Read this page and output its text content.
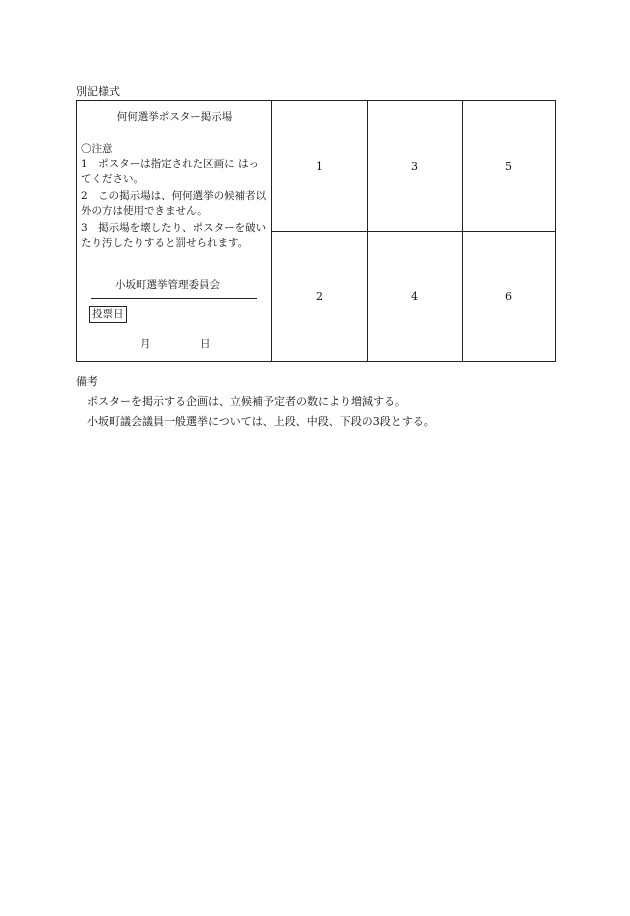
別記様式
何何選挙ポスター掲示場
〇注意
1　ポスターは指定された区画に はってください。
2　この掲示場は、何何選挙の候補者以外の方は使用できません。
3　掲示場を壊したり、ポスターを破いたり汚したりすると罰せられます。
小坂町選挙管理委員会
投票日
月	日
1	3	5
2	4	6
備考
ポスターを掲示する企画は、立候補予定者の数により増減する。
小坂町議会議員一般選挙については、上段、中段、下段の3段とする。
